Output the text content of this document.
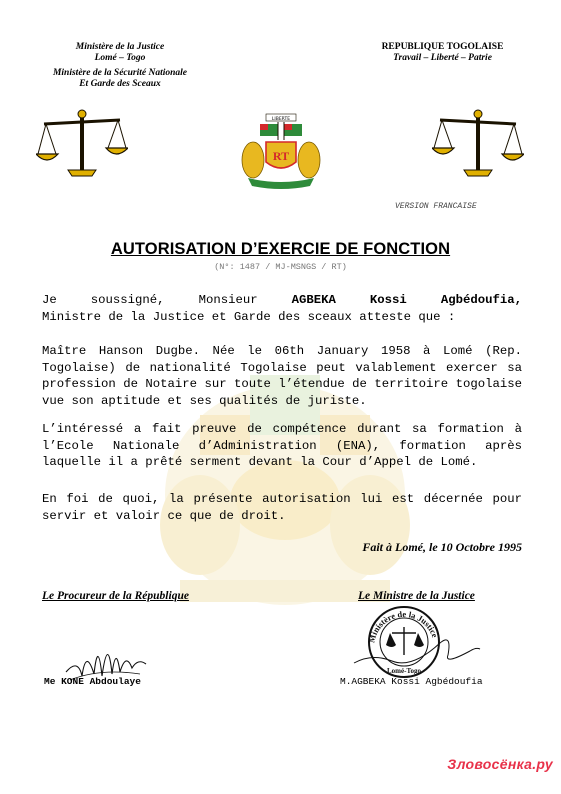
Ministère de la Justice
Lomé – Togo
Ministère de la Sécurité Nationale
Et Garde des Sceaux
REPUBLIQUE TOGOLAISE
Travail – Liberté – Patrie
LIBERTE
RT
VERSION FRANCAISE
AUTORISATION D’EXERCIE DE FONCTION
(N°: 1487 / MJ-MSNGS / RT)

Je soussigné, Monsieur AGBEKA Kossi Agbédoufia,

Ministre de la Justice et Garde des sceaux atteste que :

Maître Hanson Dugbe. Née le 06th January 1958 à Lomé (Rep. Togolaise) de nationalité Togolaise peut valablement exercer sa profession de Notaire sur toute l’étendue de territoire togolaise vue son aptitude et ses qualités de juriste.

L’intéressé a fait preuve de compétence durant sa formation à l’Ecole Nationale d’Administration (ENA), formation après laquelle il a prêté serment devant la Cour d’Appel de Lomé.

En foi de quoi, la présente autorisation lui est décernée pour servir et valoir ce que de droit.

Fait à Lomé, le 10 Octobre 1995
Le Procureur de la République	Le Ministre de la Justice
Ministère de la Justice
Lomé-Togo
Me KONE Abdoulaye	M.AGBEKA Kossi Agbédoufia
Зловосёнка.ру
